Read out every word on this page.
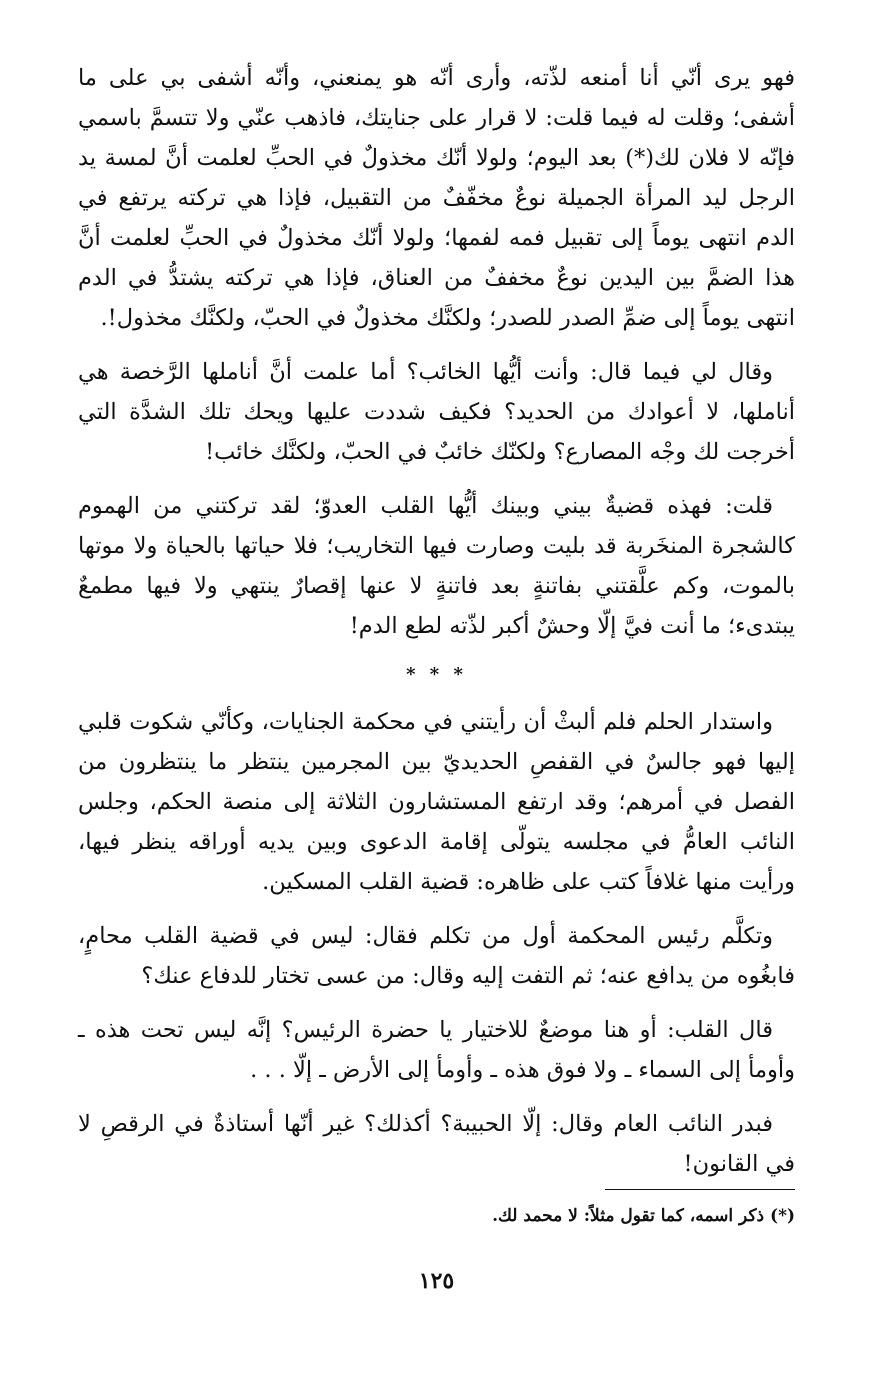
فهو يرى أنّي أنا أمنعه لذّته، وأرى أنّه هو يمنعني، وأنّه أشفى بي على ما أشفى؛ وقلت له فيما قلت: لا قرار على جنايتك، فاذهب عنّي ولا تتسمَّ باسمي فإنّه لا فلان لك(*) بعد اليوم؛ ولولا أنّك مخذولٌ في الحبِّ لعلمت أنَّ لمسة يد الرجل ليد المرأة الجميلة نوعٌ مخفّفٌ من التقبيل، فإذا هي تركته يرتفع في الدم انتهى يوماً إلى تقبيل فمه لفمها؛ ولولا أنّك مخذولٌ في الحبِّ لعلمت أنَّ هذا الضمَّ بين اليدين نوعٌ مخففٌ من العناق، فإذا هي تركته يشتدُّ في الدم انتهى يوماً إلى ضمِّ الصدر للصدر؛ ولكنَّك مخذولٌ في الحبّ، ولكنَّك مخذول!.

وقال لي فيما قال: وأنت أيُّها الخائب؟ أما علمت أنَّ أناملها الرَّخصة هي أناملها، لا أعوادك من الحديد؟ فكيف شددت عليها ويحك تلك الشدَّة التي أخرجت لك وجْه المصارع؟ ولكنّك خائبٌ في الحبّ، ولكنَّك خائب!

قلت: فهذه قضيةٌ بيني وبينك أيُّها القلب العدوّ؛ لقد تركتني من الهموم كالشجرة المنخَربة قد بليت وصارت فيها التخاريب؛ فلا حياتها بالحياة ولا موتها بالموت، وكم علَّقتني بفاتنةٍ بعد فاتنةٍ لا عنها إقصارٌ ينتهي ولا فيها مطمعٌ يبتدىء؛ ما أنت فيَّ إلّا وحشٌ أكبر لذّته لطع الدم!

* * *

واستدار الحلم فلم ألبثْ أن رأيتني في محكمة الجنايات، وكأنّي شكوت قلبي إليها فهو جالسٌ في القفصِ الحديديّ بين المجرمين ينتظر ما ينتظرون من الفصل في أمرهم؛ وقد ارتفع المستشارون الثلاثة إلى منصة الحكم، وجلس النائب العامُّ في مجلسه يتولّى إقامة الدعوى وبين يديه أوراقه ينظر فيها، ورأيت منها غلافاً كتب على ظاهره: قضية القلب المسكين.

وتكلَّم رئيس المحكمة أول من تكلم فقال: ليس في قضية القلب محامٍ، فابغُوه من يدافع عنه؛ ثم التفت إليه وقال: من عسى تختار للدفاع عنك؟

قال القلب: أو هنا موضعٌ للاختيار يا حضرة الرئيس؟ إنَّه ليس تحت هذه ـ وأومأ إلى السماء ـ ولا فوق هذه ـ وأومأ إلى الأرض ـ إلّا . . .

فبدر النائب العام وقال: إلّا الحبيبة؟ أكذلك؟ غير أنّها أستاذةٌ في الرقصِ لا في القانون!

(*) ذكر اسمه، كما تقول مثلاً: لا محمد لك.
١٢٥
